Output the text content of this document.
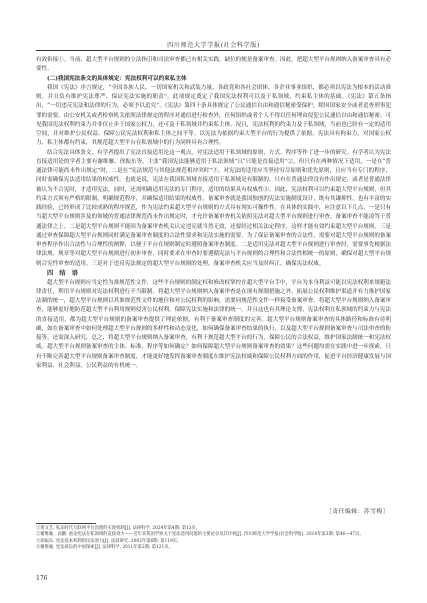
四川师范大学学报(社会科学版)

有效衔接①。当前，超大型平台规则的立法指引和司法审查都已有相关实践，缺位的便是备案审查。因此，把超大型平台规则纳入备案审查具有必要性。

(二)我国宪法条文的具体规定：宪法权利可以约束私主体

我国《宪法》序言规定，“全国各族人民、一切国家机关和武装力量、各政党和各社会团体、各企业事业组织，都必须以宪法为根本的活动准则，并且负有维护宪法尊严、保证宪法实施的职责”。此项规定奠定了我国宪法权利可以及于私领域，约束私主体的基础。《宪法》第五条指出，“一切违反宪法和法律的行为，必须予以追究”。《宪法》第四十条具体规定了公民通信自由和通信秘密受保护，除因国家安全或者追查刑事犯罪的需要，由公安机关或者检察机关依照法律规定的程序对通信进行检查外，任何组织或者个人不得以任何理由侵犯公民通信自由和通信秘密。可见我国宪法权利约束力并非仅止步于国家公权力，还可及于私领域并约束私主体。况且，宪法权利的约束力及于私领域，当前也已经有一定的适用空间，并对维护公民权益、保障公民宪法权利和私主体之间平等、以宪法为依据约束大型平台的行为提供了依据。宪法具有拘束力，对国家公权力、私主体都有约束，其规范超大型平台在私领域中的行为同样具有合理性。

结合宪法具体条文，有学者提出了宪法直接适用论这一观点，对宪法适用于私领域的原则、方式、程序等作了进一步的研究。有学者认为宪法直接适用论的学者主要有谢维雁、徐振东等，主张“我国宪法能够适用于私法领域”且“只能是直接适用”②，但只有在两种情况下适用，一是在“普通法律可能尚未作出规定”时，二是在“宪法规范与其他法规范相冲突时”③。对宪法的适用应当坚持穷尽原则和优先原则，且应当有专门的程序，同时需确保宪法适用结果的权威性。也就是说，宪法在我国私领域直接适用于私领域是有限制的，只有在普通法律没有作出规定，或者是普通法律被认为不合宪时，才适用宪法。同时，还需明确适用宪法的专门程序，适用的结果具有权威性④。因此，宪法权利可以约束超大型平台规则，但其约束方式须有严格的限制，明确规范程序，并确保适用结果的权威性。备案审查就是我国独创的宪法实施制度设计，既有其谦抑性，也有丰富的实践经验，已经形成了比较成熟的程序规范，作为宪法约束超大型平台规则的方式具有现实可操作性。在具体的实践中，应注意以下几点，一是只有当超大型平台规则涉及的领域的普通法律规范尚未作出规定时，才允许备案审查机关依照宪法对超大型平台规则进行审查，备案审查不能凌驾于普通法律之上。二是超大型平台规则不能因为备案审查机关认定违宪就当然无效，还要经过相关法定程序，这样才能有效约束超大型平台规则。三是通过审查保障超大型平台规则同时满足备案审查制度的合法性要求和宪法实施的需要。为了保证备案审查的合法性，需要对超大型平台规则的备案审查程序作出合法性与合理性的阐释，以便于平台在规则制定时遵照备案审查制度。二是适用宪法对超大型平台规则进行审查时，需要事先根据法律法规、规章等对超大型平台规则进行初步审查，同时要求在审查时要遵循宪法与平台规则的合理性和合法性相统一的原则，确保对超大型平台规则合宪性审查的适用。三是对于违反宪法规定的超大型平台规则的处理，备案审查机关应当及时纠正，确保宪法权威。

四　结　语

超大型平台规则应当定性为准规范性文件，这些平台规则的制定权和修改权掌控在超大型平台手中，平台为本身利益可能以宪法权利来规避法律责任，利用平台规则对宪法权利进行不当限制。将超大型平台规则纳入备案审查是在现有规制措施之外，拓展公民权利维护渠道并有力推护国家法制的统一，超大型平台规则以其准规范性文件的地位和对公民权利的影响，需要同规范性文件一样接受备案审查。将超大型平台规则纳入备案审查，能够更好地防范超大型平台利用规则侵害公民权利，保障宪法实施和法律的统一。并且这也有其理论支撑，宪法权利在私领域的约束力与宪法的直接适用，都为超大型平台规则的备案审查提供了理论依据，有利于备案审查制度的完善。超大型平台规则备案审查的具体路径和标准有待明确，如在备案审查中如何处理超大型平台规则的多样性和动态变化，如何确保备案审查结果的执行，以及超大型平台规则备案审查与司法审查的衔接等，还需深入研究。总之，将超大型平台规则纳入备案审查，有利于规范超大型平台的行为，保障公民的合法权益，维护国家法制统一和宪法权威。超大型平台规则备案审查的主体、标准、程序等如何确定？如何保障超大型平台规则备案审查的效果？这些问题均需在实践中进一步探索，只有不断完善超大型平台规则备案审查制度，才能更好地发挥备案审查制度在维护宪法权威和保障公民权利方面的作用，促进平台经济健康发展与国家利益、社会利益、公民利益的有机统一。

［责任编辑：苏雪梅］

①黄文艺. 私法时代互联网平台治理的实现机制[J]. 法律科学, 2024年第4期: 第13页。

②谢维雁、高鹏. 重论宪法在私领域的直接效力——近年来我国学界关于宪法适用问题的主要论争及其评析[J]. 四川师范大学学报(社会科学版), 2014年第3期: 第46—47页。

③徐振东. 宪法基本权利的民法效力[J]. 法商研究, 2002年第6期: 第119页。

④谢维雁. 宪法诉讼的中国探索[J]. 法律科学, 2011年第2期: 第121页。

176
